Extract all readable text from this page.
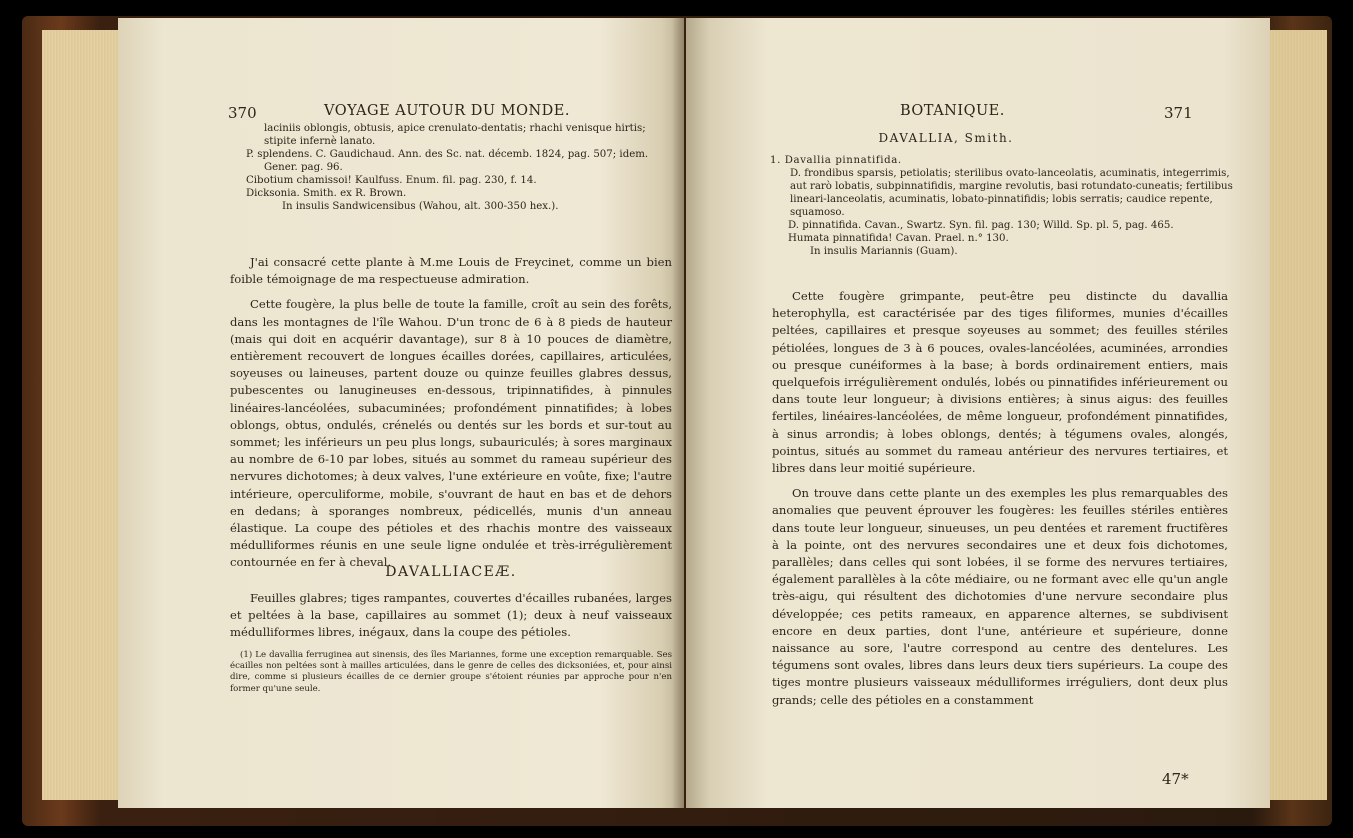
370	VOYAGE AUTOUR DU MONDE.
laciniis oblongis, obtusis, apice crenulato-dentatis; rhachi venisque hirtis;
stipite infernè lanato.
P. splendens. C. Gaudichaud. Ann. des Sc. nat. décemb. 1824, pag. 507; idem.
Gener. pag. 96.
Cibotium chamissoi! Kaulfuss. Enum. fil. pag. 230, f. 14.
Dicksonia. Smith. ex R. Brown.
In insulis Sandwicensibus (Wahou, alt. 300-350 hex.).

J'ai consacré cette plante à M.me Louis de Freycinet, comme un bien foible témoignage de ma respectueuse admiration.

Cette fougère, la plus belle de toute la famille, croît au sein des forêts, dans les montagnes de l'île Wahou. D'un tronc de 6 à 8 pieds de hauteur (mais qui doit en acquérir davantage), sur 8 à 10 pouces de diamètre, entièrement recouvert de longues écailles dorées, capillaires, articulées, soyeuses ou laineuses, partent douze ou quinze feuilles glabres dessus, pubescentes ou lanugineuses en-dessous, tripinnatifides, à pinnules linéaires-lancéolées, subacuminées; profondément pinnatifides; à lobes oblongs, obtus, ondulés, crénelés ou dentés sur les bords et sur-tout au sommet; les inférieurs un peu plus longs, subauriculés; à sores marginaux au nombre de 6-10 par lobes, situés au sommet du rameau supérieur des nervures dichotomes; à deux valves, l'une extérieure en voûte, fixe; l'autre intérieure, operculiforme, mobile, s'ouvrant de haut en bas et de dehors en dedans; à sporanges nombreux, pédicellés, munis d'un anneau élastique. La coupe des pétioles et des rhachis montre des vaisseaux médulliformes réunis en une seule ligne ondulée et très-irrégulièrement contournée en fer à cheval.

DAVALLIACEÆ.

Feuilles glabres; tiges rampantes, couvertes d'écailles rubanées, larges et peltées à la base, capillaires au sommet (1); deux à neuf vaisseaux médulliformes libres, inégaux, dans la coupe des pétioles.

(1) Le davallia ferruginea aut sinensis, des îles Mariannes, forme une exception remarquable. Ses écailles non peltées sont à mailles articulées, dans le genre de celles des dicksoniées, et, pour ainsi dire, comme si plusieurs écailles de ce dernier groupe s'étoient réunies par approche pour n'en former qu'une seule.
BOTANIQUE.	371
DAVALLIA, Smith.
1. Davallia pinnatifida.
D. frondibus sparsis, petiolatis; sterilibus ovato-lanceolatis, acuminatis, integerrimis, aut rarò lobatis, subpinnatifidis, margine revolutis, basi rotundato-cuneatis; fertilibus lineari-lanceolatis, acuminatis, lobato-pinnatifidis; lobis serratis; caudice repente, squamoso.
D. pinnatifida. Cavan., Swartz. Syn. fil. pag. 130; Willd. Sp. pl. 5, pag. 465.
Humata pinnatifida! Cavan. Prael. n.° 130.
In insulis Mariannis (Guam).

Cette fougère grimpante, peut-être peu distincte du davallia heterophylla, est caractérisée par des tiges filiformes, munies d'écailles peltées, capillaires et presque soyeuses au sommet; des feuilles stériles pétiolées, longues de 3 à 6 pouces, ovales-lancéolées, acuminées, arrondies ou presque cunéiformes à la base; à bords ordinairement entiers, mais quelquefois irrégulièrement ondulés, lobés ou pinnatifides inférieurement ou dans toute leur longueur; à divisions entières; à sinus aigus: des feuilles fertiles, linéaires-lancéolées, de même longueur, profondément pinnatifides, à sinus arrondis; à lobes oblongs, dentés; à tégumens ovales, alongés, pointus, situés au sommet du rameau antérieur des nervures tertiaires, et libres dans leur moitié supérieure.

On trouve dans cette plante un des exemples les plus remarquables des anomalies que peuvent éprouver les fougères: les feuilles stériles entières dans toute leur longueur, sinueuses, un peu dentées et rarement fructifères à la pointe, ont des nervures secondaires une et deux fois dichotomes, parallèles; dans celles qui sont lobées, il se forme des nervures tertiaires, également parallèles à la côte médiaire, ou ne formant avec elle qu'un angle très-aigu, qui résultent des dichotomies d'une nervure secondaire plus développée; ces petits rameaux, en apparence alternes, se subdivisent encore en deux parties, dont l'une, antérieure et supérieure, donne naissance au sore, l'autre correspond au centre des dentelures. Les tégumens sont ovales, libres dans leurs deux tiers supérieurs. La coupe des tiges montre plusieurs vaisseaux médulliformes irréguliers, dont deux plus grands; celle des pétioles en a constamment

47*
